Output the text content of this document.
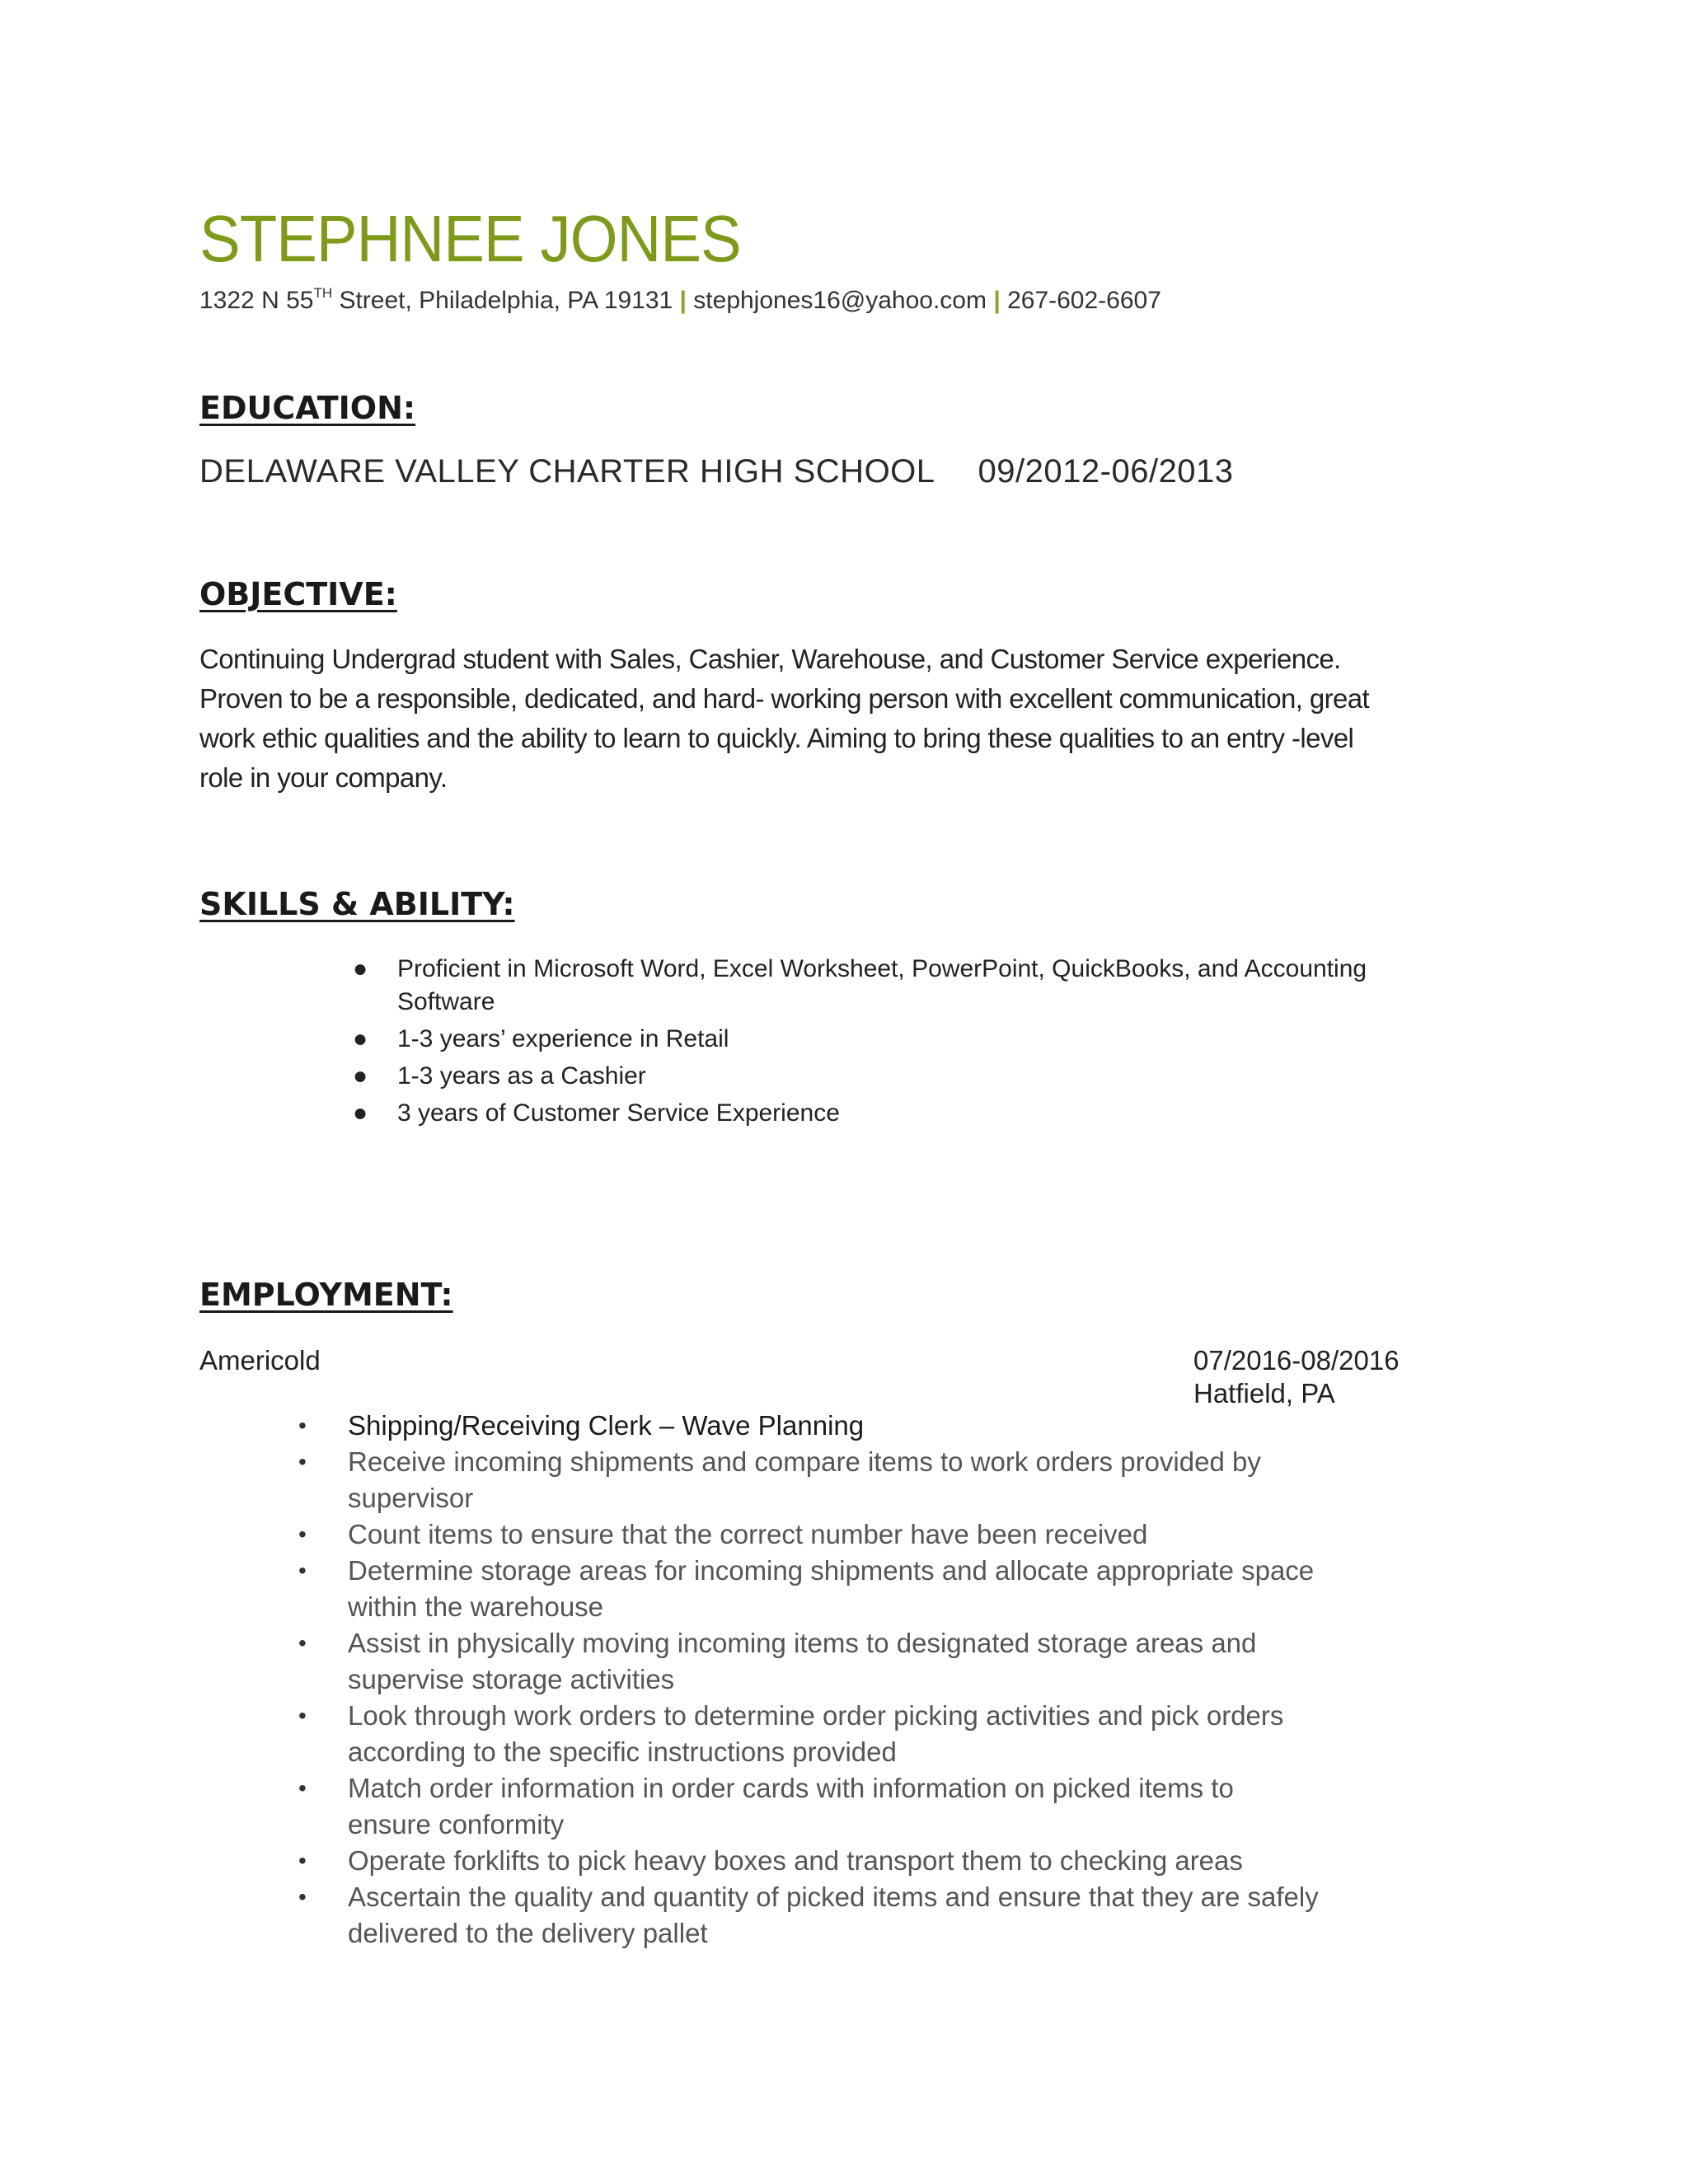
STEPHNEE JONES
1322 N 55TH Street, Philadelphia, PA 19131 | stephjones16@yahoo.com | 267-602-6607
EDUCATION:
DELAWARE VALLEY CHARTER HIGH SCHOOL 09/2012-06/2013
OBJECTIVE:
Continuing Undergrad student with Sales, Cashier, Warehouse, and Customer Service experience.
Proven to be a responsible, dedicated, and hard- working person with excellent communication, great
work ethic qualities and the ability to learn to quickly. Aiming to bring these qualities to an entry -level
role in your company.
SKILLS & ABILITY:
● Proficient in Microsoft Word, Excel Worksheet, PowerPoint, QuickBooks, and Accounting
Software
● 1-3 years’ experience in Retail
● 1-3 years as a Cashier
● 3 years of Customer Service Experience
EMPLOYMENT:
Americold	07/2016-08/2016
Hatfield, PA
• Shipping/Receiving Clerk – Wave Planning
• Receive incoming shipments and compare items to work orders provided by
supervisor
• Count items to ensure that the correct number have been received
• Determine storage areas for incoming shipments and allocate appropriate space
within the warehouse
• Assist in physically moving incoming items to designated storage areas and
supervise storage activities
• Look through work orders to determine order picking activities and pick orders
according to the specific instructions provided
• Match order information in order cards with information on picked items to
ensure conformity
• Operate forklifts to pick heavy boxes and transport them to checking areas
• Ascertain the quality and quantity of picked items and ensure that they are safely
delivered to the delivery pallet
